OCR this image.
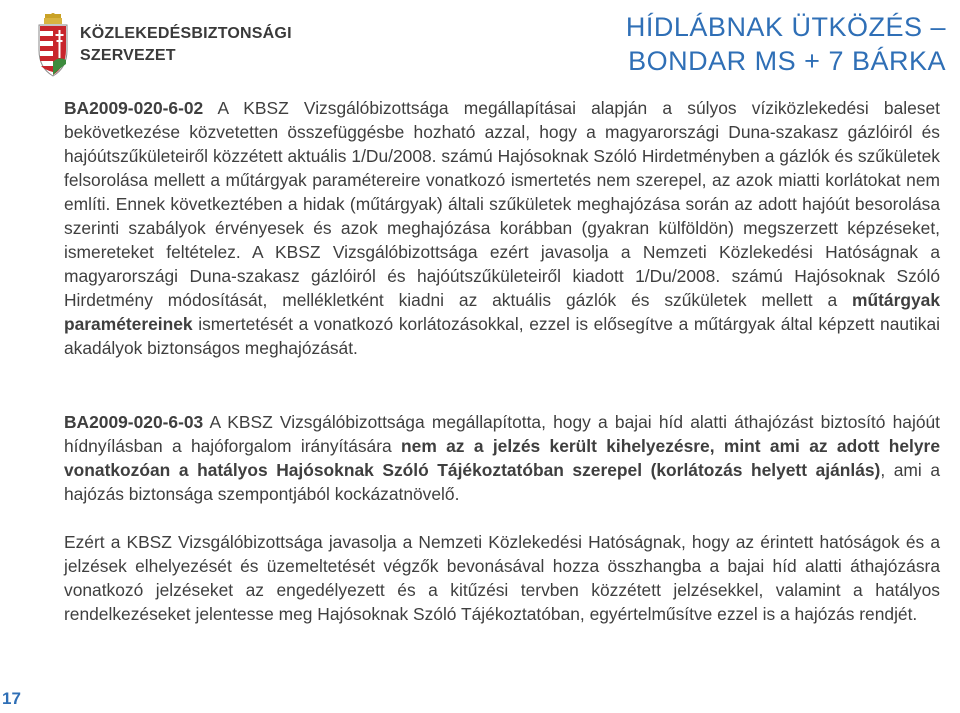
KÖZLEKEDÉSBIZTONSÁGI
SZERVEZET
HÍDLÁBNAK ÜTKÖZÉS –
BONDAR MS + 7 BÁRKA
BA2009-020-6-02 A KBSZ Vizsgálóbizottsága megállapításai alapján a súlyos víziközlekedési baleset bekövetkezése közvetetten összefüggésbe hozható azzal, hogy a magyarországi Duna-szakasz gázlóiról és hajóútszűkületeiről közzétett aktuális 1/Du/2008. számú Hajósoknak Szóló Hirdetményben a gázlók és szűkületek felsorolása mellett a műtárgyak paramétereire vonatkozó ismertetés nem szerepel, az azok miatti korlátokat nem említi. Ennek következtében a hidak (műtárgyak) általi szűkületek meghajózása során az adott hajóút besorolása szerinti szabályok érvényesek és azok meghajózása korábban (gyakran külföldön) megszerzett képzéseket, ismereteket feltételez. A KBSZ Vizsgálóbizottsága ezért javasolja a Nemzeti Közlekedési Hatóságnak a magyarországi Duna-szakasz gázlóiról és hajóútszűkületeiről kiadott 1/Du/2008. számú Hajósoknak Szóló Hirdetmény módosítását, mellékletként kiadni az aktuális gázlók és szűkületek mellett a műtárgyak paramétereinek ismertetését a vonatkozó korlátozásokkal, ezzel is elősegítve a műtárgyak által képzett nautikai akadályok biztonságos meghajózását.
BA2009-020-6-03 A KBSZ Vizsgálóbizottsága megállapította, hogy a bajai híd alatti áthajózást biztosító hajóút hídnyílásban a hajóforgalom irányítására nem az a jelzés került kihelyezésre, mint ami az adott helyre vonatkozóan a hatályos Hajósoknak Szóló Tájékoztatóban szerepel (korlátozás helyett ajánlás), ami a hajózás biztonsága szempontjából kockázatnövelő.
Ezért a KBSZ Vizsgálóbizottsága javasolja a Nemzeti Közlekedési Hatóságnak, hogy az érintett hatóságok és a jelzések elhelyezését és üzemeltetését végzők bevonásával hozza összhangba a bajai híd alatti áthajózásra vonatkozó jelzéseket az engedélyezett és a kitűzési tervben közzétett jelzésekkel, valamint a hatályos rendelkezéseket jelentesse meg Hajósoknak Szóló Tájékoztatóban, egyértelműsítve ezzel is a hajózás rendjét.
17
